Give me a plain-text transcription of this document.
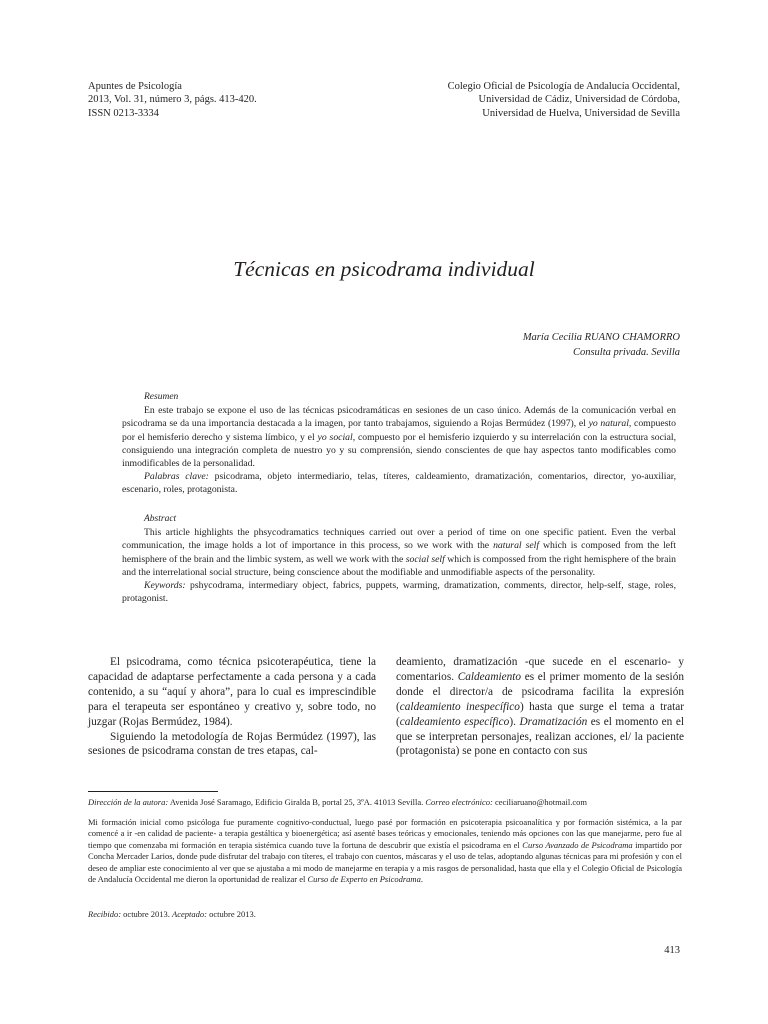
Apuntes de Psicología
2013, Vol. 31, número 3, págs. 413-420.
ISSN 0213-3334
Colegio Oficial de Psicología de Andalucía Occidental,
Universidad de Cádiz, Universidad de Córdoba,
Universidad de Huelva, Universidad de Sevilla
Técnicas en psicodrama individual
María Cecilia RUANO CHAMORRO
Consulta privada. Sevilla
Resumen

En este trabajo se expone el uso de las técnicas psicodramáticas en sesiones de un caso único. Además de la comunicación verbal en psicodrama se da una importancia destacada a la imagen, por tanto trabajamos, siguiendo a Rojas Bermúdez (1997), el yo natural, compuesto por el hemisferio derecho y sistema límbico, y el yo social, compuesto por el hemisferio izquierdo y su interrelación con la estructura social, consiguiendo una integración completa de nuestro yo y su comprensión, siendo conscientes de que hay aspectos tanto modificables como inmodificables de la personalidad.

Palabras clave: psicodrama, objeto intermediario, telas, títeres, caldeamiento, dramatización, comentarios, director, yo-auxiliar, escenario, roles, protagonista.

Abstract

This article highlights the phsycodramatics techniques carried out over a period of time on one specific patient. Even the verbal communication, the image holds a lot of importance in this process, so we work with the natural self which is composed from the left hemisphere of the brain and the limbic system, as well we work with the social self which is compossed from the right hemisphere of the brain and the interrelational social structure, being conscience about the modifiable and unmodifiable aspects of the personality.

Keywords: pshycodrama, intermediary object, fabrics, puppets, warming, dramatization, comments, director, help-self, stage, roles, protagonist.

El psicodrama, como técnica psicoterapéutica, tiene la capacidad de adaptarse perfectamente a cada persona y a cada contenido, a su “aquí y ahora”, para lo cual es imprescindible para el terapeuta ser espontáneo y creativo y, sobre todo, no juzgar (Rojas Bermúdez, 1984).

Siguiendo la metodología de Rojas Bermúdez (1997), las sesiones de psicodrama constan de tres etapas, cal-

deamiento, dramatización -que sucede en el escenario- y comentarios. Caldeamiento es el primer momento de la sesión donde el director/a de psicodrama facilita la expresión (caldeamiento inespecífico) hasta que surge el tema a tratar (caldeamiento específico). Dramatización es el momento en el que se interpretan personajes, realizan acciones, el/ la paciente (protagonista) se pone en contacto con sus

Dirección de la autora: Avenida José Saramago, Edificio Giralda B, portal 25, 3ºA. 41013 Sevilla. Correo electrónico: ceciliaruano@hotmail.com

Mi formación inicial como psicóloga fue puramente cognitivo-conductual, luego pasé por formación en psicoterapia psicoanalítica y por formación sistémica, a la par comencé a ir -en calidad de paciente- a terapia gestáltica y bioenergética; así asenté bases teóricas y emocionales, teniendo más opciones con las que manejarme, pero fue al tiempo que comenzaba mi formación en terapia sistémica cuando tuve la fortuna de descubrir que existía el psicodrama en el Curso Avanzado de Psicodrama impartido por Concha Mercader Larios, donde pude disfrutar del trabajo con títeres, el trabajo con cuentos, máscaras y el uso de telas, adoptando algunas técnicas para mi profesión y con el deseo de ampliar este conocimiento al ver que se ajustaba a mi modo de manejarme en terapia y a mis rasgos de personalidad, hasta que ella y el Colegio Oficial de Psicología de Andalucía Occidental me dieron la oportunidad de realizar el Curso de Experto en Psicodrama.

Recibido: octubre 2013. Aceptado: octubre 2013.

413
